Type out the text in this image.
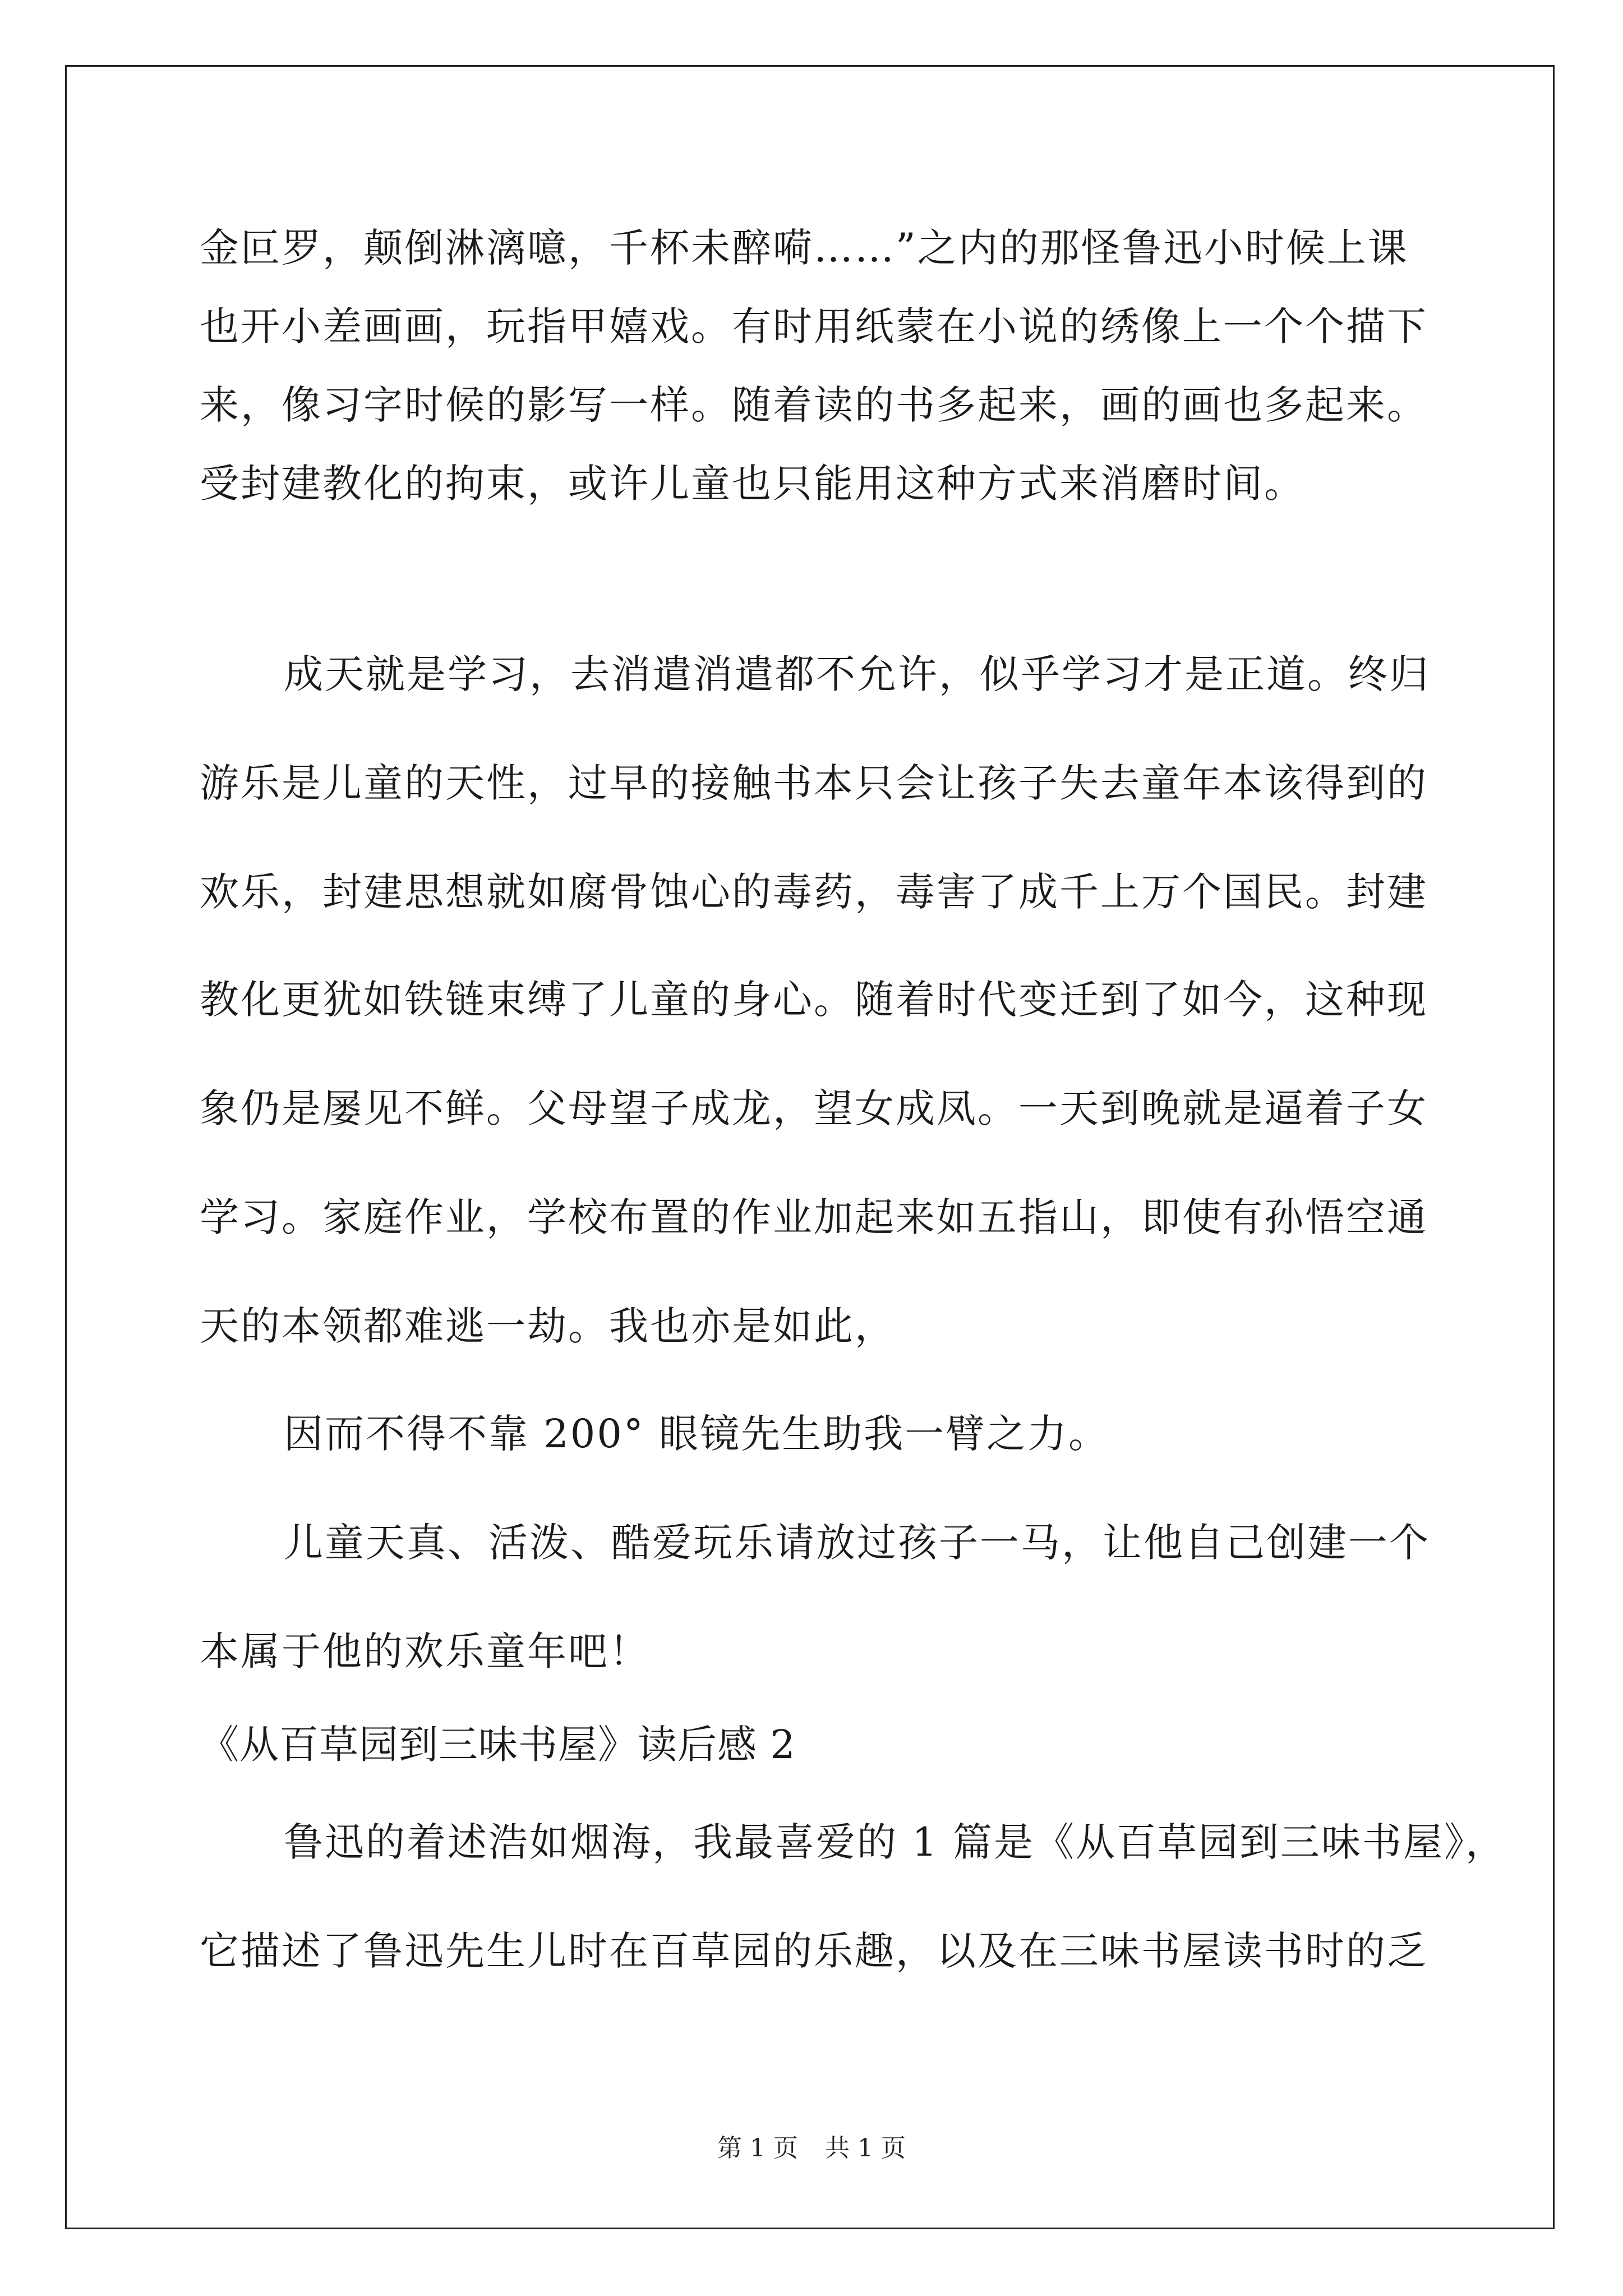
金叵罗，颠倒淋漓噫，千杯未醉嗬……”之内的那怪鲁迅小时候上课
也开小差画画，玩指甲嬉戏。有时用纸蒙在小说的绣像上一个个描下
来，像习字时候的影写一样。随着读的书多起来，画的画也多起来。
受封建教化的拘束，或许儿童也只能用这种方式来消磨时间。
成天就是学习，去消遣消遣都不允许，似乎学习才是正道。终归
游乐是儿童的天性，过早的接触书本只会让孩子失去童年本该得到的
欢乐，封建思想就如腐骨蚀心的毒药，毒害了成千上万个国民。封建
教化更犹如铁链束缚了儿童的身心。随着时代变迁到了如今，这种现
象仍是屡见不鲜。父母望子成龙，望女成凤。一天到晚就是逼着子女
学习。家庭作业，学校布置的作业加起来如五指山，即使有孙悟空通
天的本领都难逃一劫。我也亦是如此，
因而不得不靠 200° 眼镜先生助我一臂之力。
儿童天真、活泼、酷爱玩乐请放过孩子一马，让他自己创建一个
本属于他的欢乐童年吧！
《从百草园到三味书屋》读后感 2
鲁迅的着述浩如烟海，我最喜爱的 1 篇是《从百草园到三味书屋》，
它描述了鲁迅先生儿时在百草园的乐趣，以及在三味书屋读书时的乏
第 1 页 共 1 页
